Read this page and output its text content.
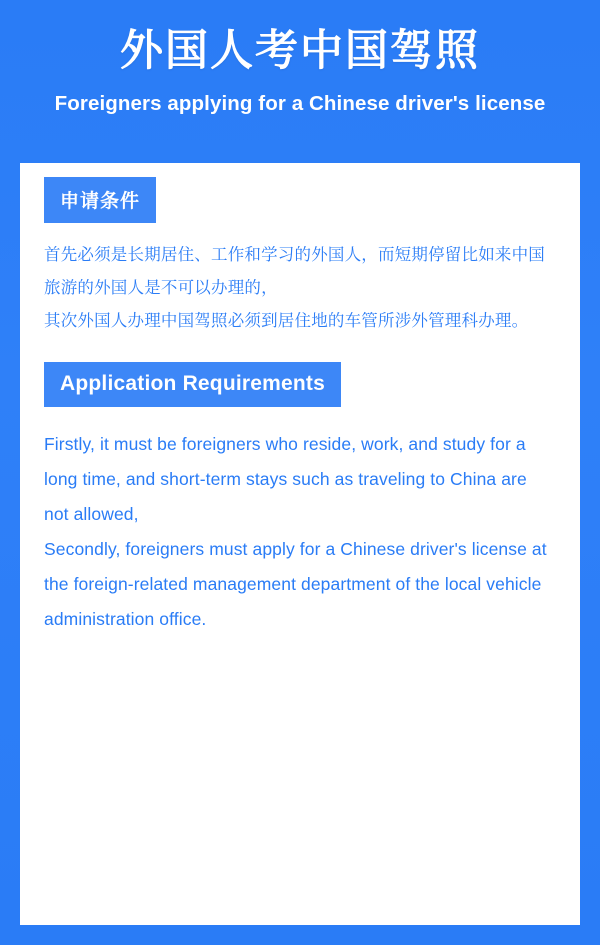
外国人考中国驾照
Foreigners applying for a Chinese driver's license
申请条件

首先必须是长期居住、工作和学习的外国人，而短期停留比如来中国旅游的外国人是不可以办理的，

其次外国人办理中国驾照必须到居住地的车管所涉外管理科办理。

Application Requirements

Firstly, it must be foreigners who reside, work, and study for a long time, and short-term stays such as traveling to China are not allowed,

Secondly, foreigners must apply for a Chinese driver's license at the foreign-related management department of the local vehicle administration office.
